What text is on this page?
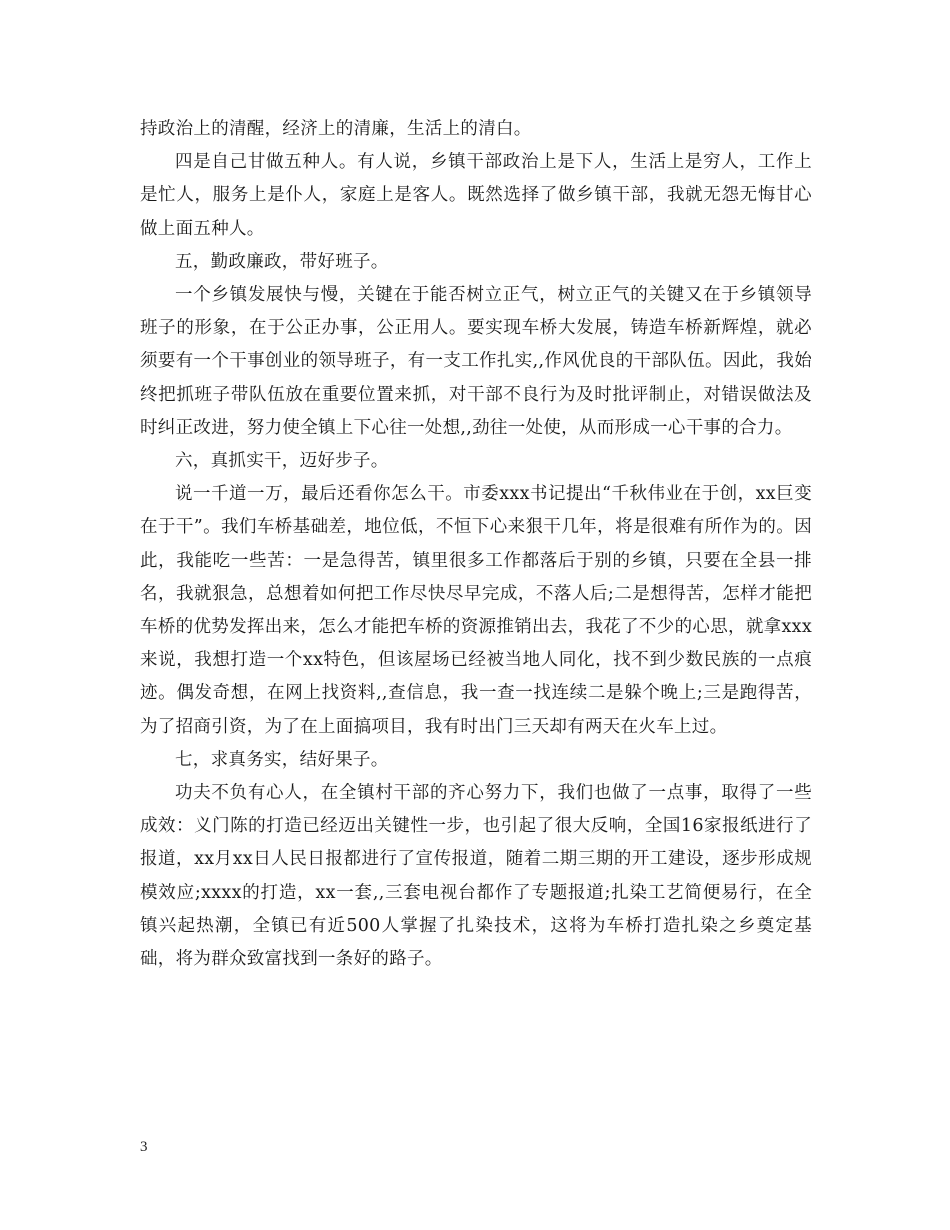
持政治上的清醒，经济上的清廉，生活上的清白。

四是自己甘做五种人。有人说，乡镇干部政治上是下人，生活上是穷人，工作上是忙人，服务上是仆人，家庭上是客人。既然选择了做乡镇干部，我就无怨无悔甘心做上面五种人。

五，勤政廉政，带好班子。

一个乡镇发展快与慢，关键在于能否树立正气，树立正气的关键又在于乡镇领导班子的形象，在于公正办事，公正用人。要实现车桥大发展，铸造车桥新辉煌，就必须要有一个干事创业的领导班子，有一支工作扎实,,作风优良的干部队伍。因此，我始终把抓班子带队伍放在重要位置来抓，对干部不良行为及时批评制止，对错误做法及时纠正改进，努力使全镇上下心往一处想,,劲往一处使，从而形成一心干事的合力。

六，真抓实干，迈好步子。

说一千道一万，最后还看你怎么干。市委xxx书记提出“千秋伟业在于创，xx巨变在于干”。我们车桥基础差，地位低，不恒下心来狠干几年，将是很难有所作为的。因此，我能吃一些苦：一是急得苦，镇里很多工作都落后于别的乡镇，只要在全县一排名，我就狠急，总想着如何把工作尽快尽早完成，不落人后;二是想得苦，怎样才能把车桥的优势发挥出来，怎么才能把车桥的资源推销出去，我花了不少的心思，就拿xxx来说，我想打造一个xx特色，但该屋场已经被当地人同化，找不到少数民族的一点痕迹。偶发奇想，在网上找资料,,查信息，我一查一找连续二是躲个晚上;三是跑得苦，为了招商引资，为了在上面搞项目，我有时出门三天却有两天在火车上过。

七，求真务实，结好果子。

功夫不负有心人，在全镇村干部的齐心努力下，我们也做了一点事，取得了一些成效：义门陈的打造已经迈出关键性一步，也引起了很大反响，全国16家报纸进行了报道，xx月xx日人民日报都进行了宣传报道，随着二期三期的开工建设，逐步形成规模效应;xxxx的打造，xx一套,,三套电视台都作了专题报道;扎染工艺简便易行，在全镇兴起热潮，全镇已有近500人掌握了扎染技术，这将为车桥打造扎染之乡奠定基础，将为群众致富找到一条好的路子。

3
